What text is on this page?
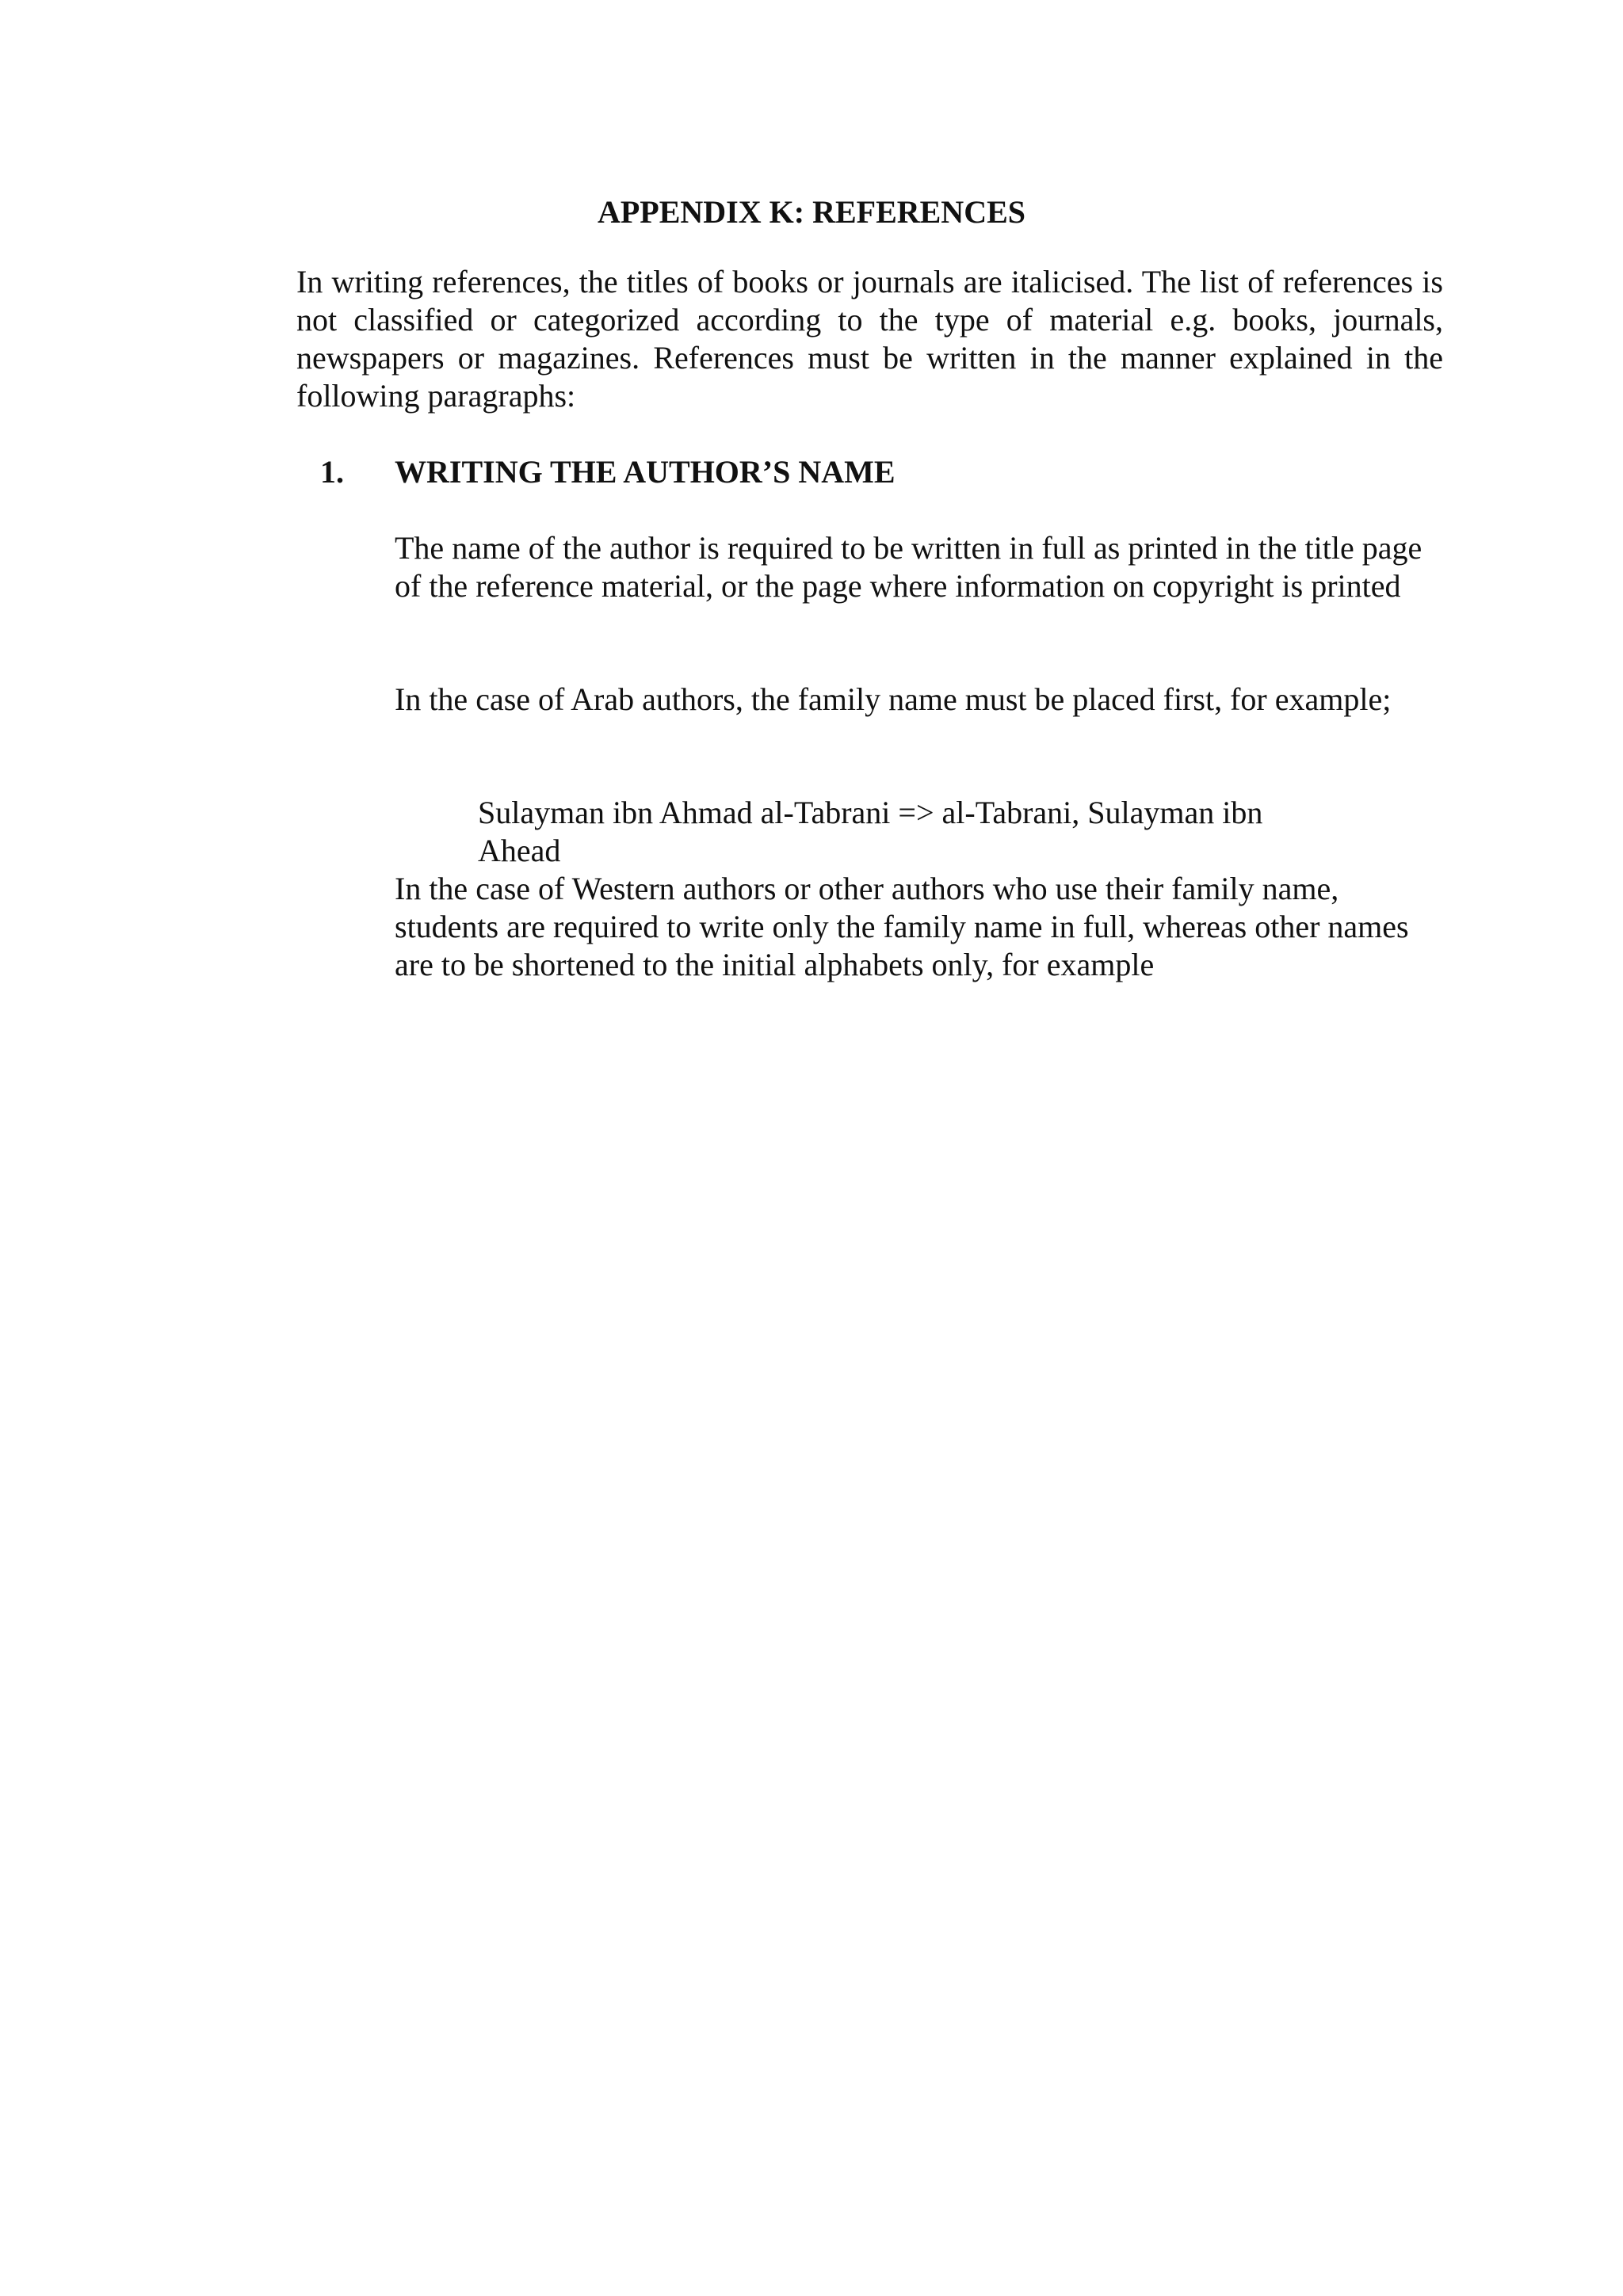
APPENDIX K: REFERENCES

In writing references, the titles of books or journals are italicised. The list of references is not classified or categorized according to the type of material e.g. books, journals, newspapers or magazines. References must be written in the manner explained in the following paragraphs:

1. WRITING THE AUTHOR’S NAME

The name of the author is required to be written in full as printed in the title page of the reference material, or the page where information on copyright is printed

In the case of Arab authors, the family name must be placed first, for example;

Sulayman ibn Ahmad al-Tabrani => al-Tabrani, Sulayman ibn Ahead

In the case of Western authors or other authors who use their family name, students are required to write only the family name in full, whereas other names are to be shortened to the initial alphabets only, for example
